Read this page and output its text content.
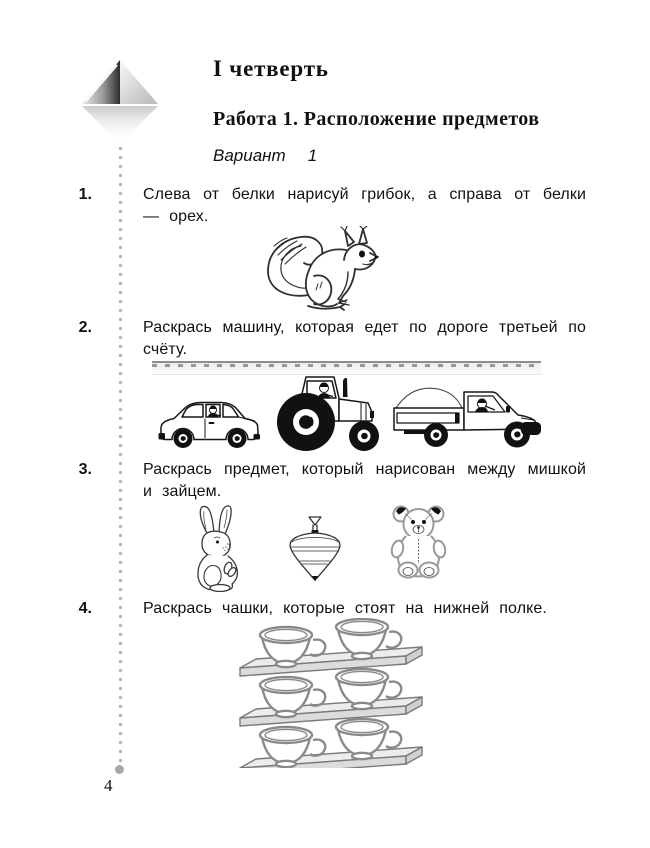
I четверть
Работа 1. Расположение предметов
Вариант 1
1.	Слева от белки нарисуй грибок, а справа от белки — орех.
2.	Раскрась машину, которая едет по дороге третьей по счёту.
3.	Раскрась предмет, который нарисован между мишкой и зайцем.
4.	Раскрась чашки, которые стоят на нижней полке.
4
